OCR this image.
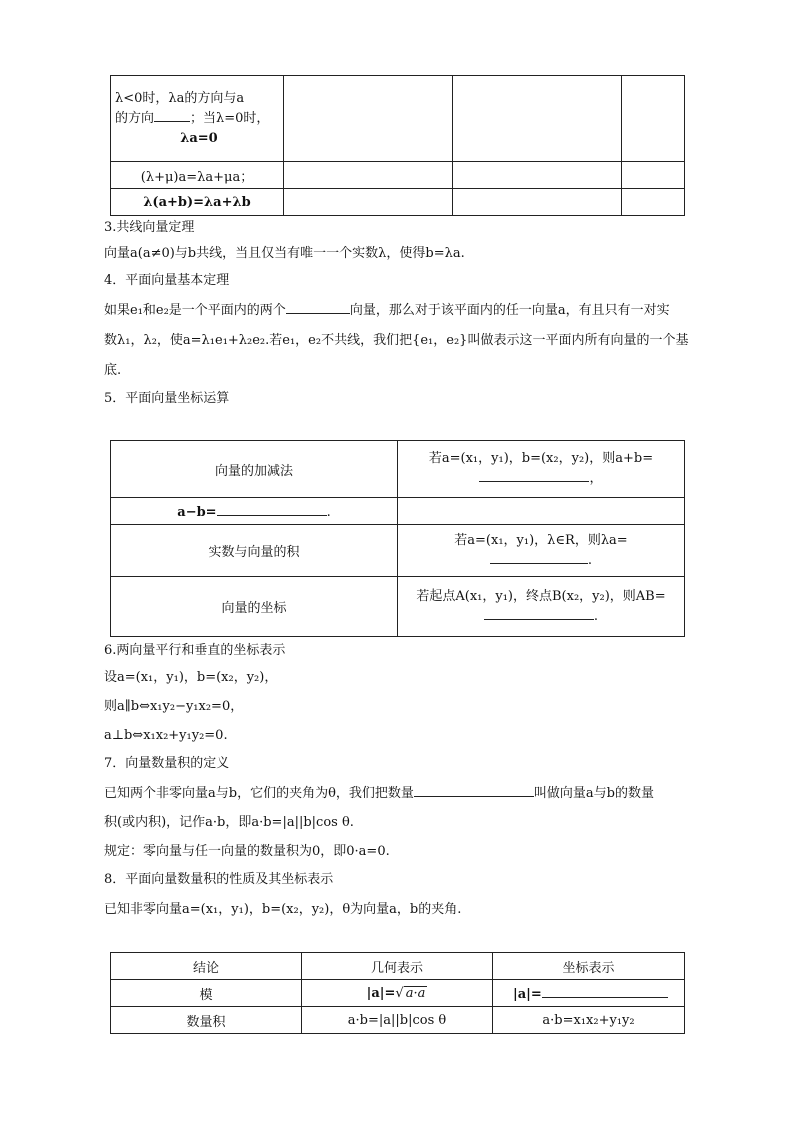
λ<0时，λa的方向与a
的方向 ；当λ=0时，
λa=0			

(λ+μ)a=λa+μa；			
λ(a+b)=λa+λb			
3.共线向量定理
向量a(a≠0)与b共线，当且仅当有唯一一个实数λ，使得b=λa.
4．平面向量基本定理
如果e₁和e₂是一个平面内的两个	向量，那么对于该平面内的任一向量a，有且只有一对实
数λ₁，λ₂，使a=λ₁e₁+λ₂e₂.若e₁，e₂不共线，我们把{e₁，e₂}叫做表示这一平面内所有向量的一个基
底.
5．平面向量坐标运算
向量的加减法	若a=(x₁，y₁)，b=(x₂，y₂)，则a+b=
，

a−b= .	
实数与向量的积	若a=(x₁，y₁)，λ∈R，则λa=
.

向量的坐标	若起点A(x₁，y₁)，终点B(x₂，y₂)，则AB=
.
6.两向量平行和垂直的坐标表示
设a=(x₁，y₁)，b=(x₂，y₂)，
则a∥b⇔x₁y₂−y₁x₂=0，
a⊥b⇔x₁x₂+y₁y₂=0.
7．向量数量积的定义
已知两个非零向量a与b，它们的夹角为θ，我们把数量	叫做向量a与b的数量
积(或内积)，记作a·b，即a·b=|a||b|cos θ.
规定：零向量与任一向量的数量积为0，即0·a=0.
8．平面向量数量积的性质及其坐标表示
已知非零向量a=(x₁，y₁)，b=(x₂，y₂)，θ为向量a，b的夹角.
结论	几何表示	坐标表示
模	|a|=√ a·a	|a|=
数量积	a·b=|a||b|cos θ	a·b=x₁x₂+y₁y₂
